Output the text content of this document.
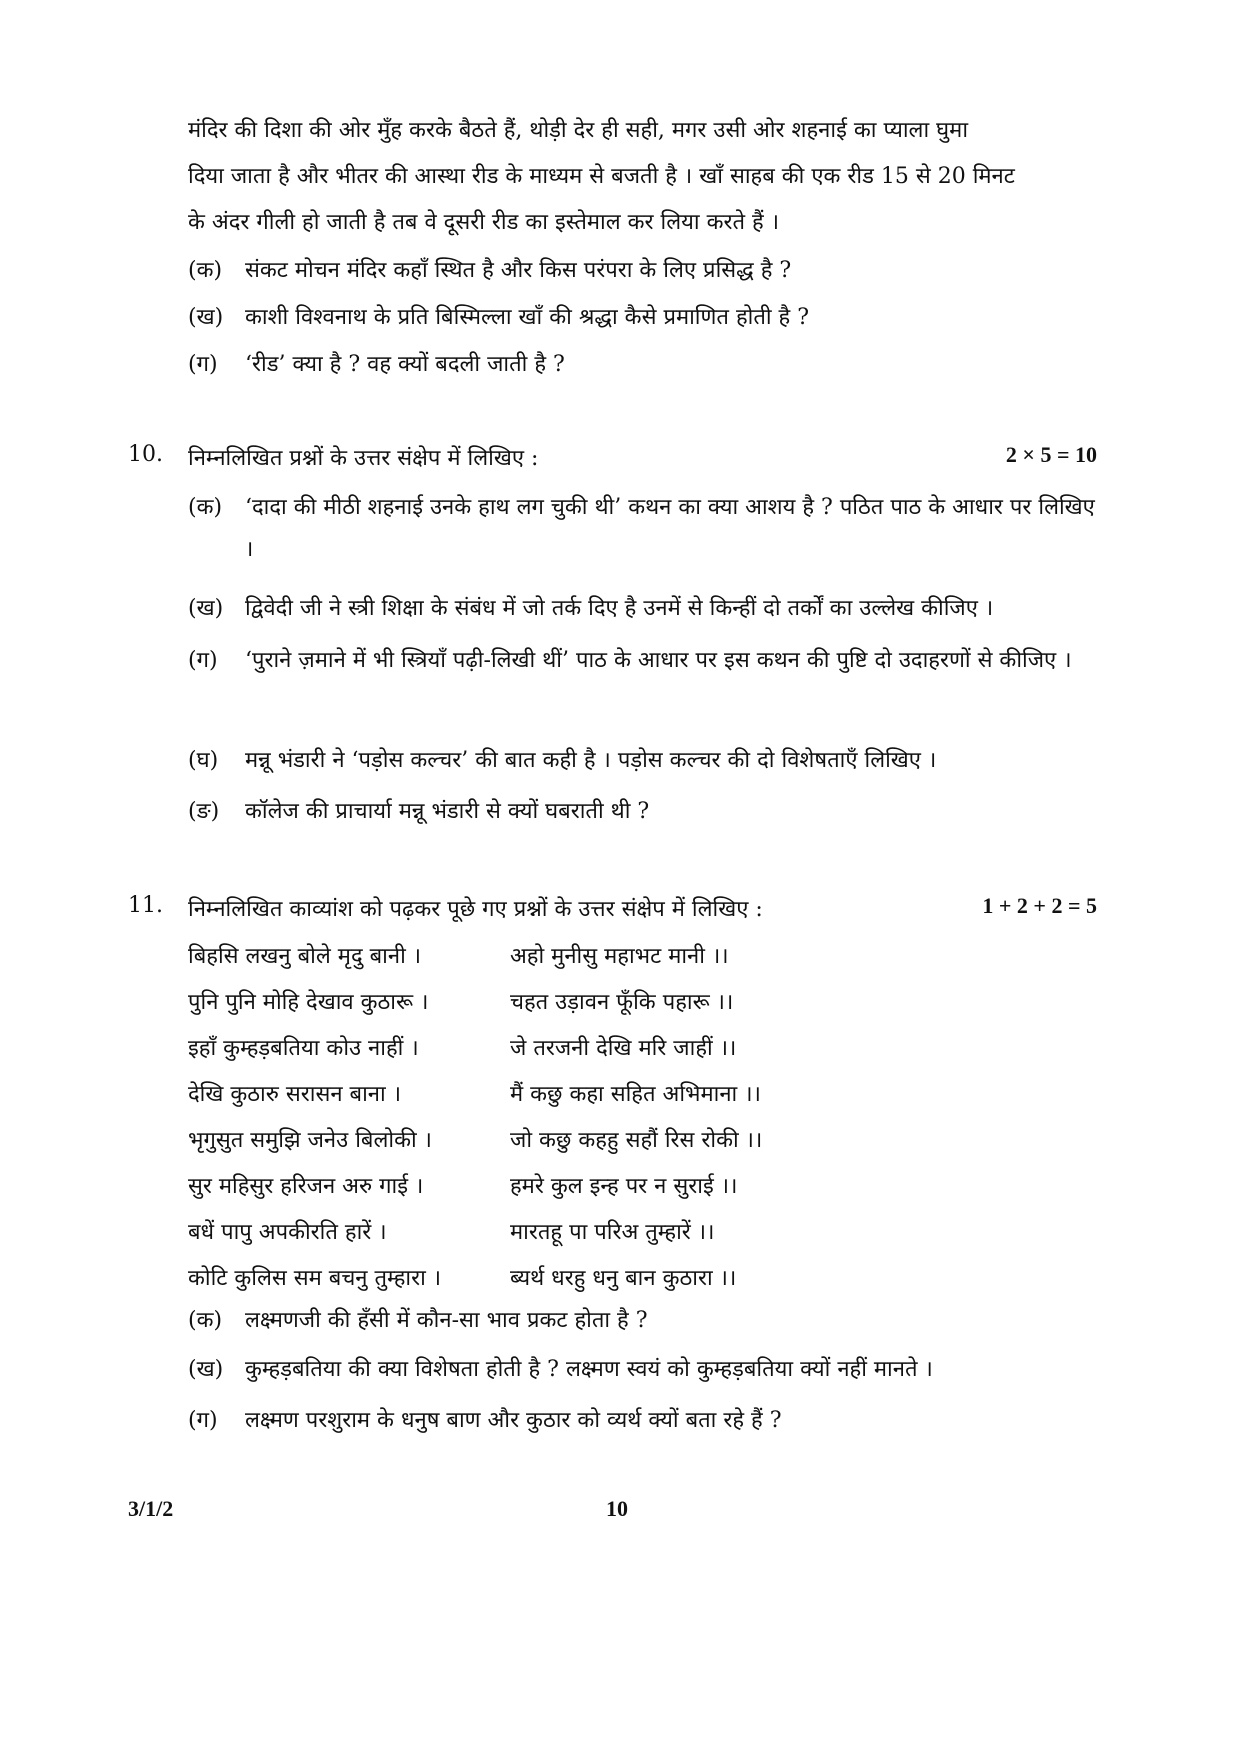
मंदिर की दिशा की ओर मुँह करके बैठते हैं, थोड़ी देर ही सही, मगर उसी ओर शहनाई का प्याला घुमा
दिया जाता है और भीतर की आस्था रीड के माध्यम से बजती है । खाँ साहब की एक रीड 15 से 20 मिनट
के अंदर गीली हो जाती है तब वे दूसरी रीड का इस्तेमाल कर लिया करते हैं ।
(क)	संकट मोचन मंदिर कहाँ स्थित है और किस परंपरा के लिए प्रसिद्ध है ?
(ख) काशी विश्वनाथ के प्रति बिस्मिल्ला खाँ की श्रद्धा कैसे प्रमाणित होती है ?
(ग)	‘रीड’ क्या है ? वह क्यों बदली जाती है ?
10. निम्नलिखित प्रश्नों के उत्तर संक्षेप में लिखिए :	2 × 5 = 10
(क)	‘दादा की मीठी शहनाई उनके हाथ लग चुकी थी’ कथन का क्या आशय है ? पठित पाठ के आधार पर लिखिए ।
(ख) द्विवेदी जी ने स्त्री शिक्षा के संबंध में जो तर्क दिए है उनमें से किन्हीं दो तर्कों का उल्लेख कीजिए ।
(ग)	‘पुराने ज़माने में भी स्त्रियाँ पढ़ी-लिखी थीं’ पाठ के आधार पर इस कथन की पुष्टि दो उदाहरणों से कीजिए ।
(घ)	मन्नू भंडारी ने ‘पड़ोस कल्चर’ की बात कही है । पड़ोस कल्चर की दो विशेषताएँ लिखिए ।
(ङ)	कॉलेज की प्राचार्या मन्नू भंडारी से क्यों घबराती थी ?
11. निम्नलिखित काव्यांश को पढ़कर पूछे गए प्रश्नों के उत्तर संक्षेप में लिखिए :	1 + 2 + 2 = 5
बिहसि लखनु बोले मृदु बानी ।	अहो मुनीसु महाभट मानी ।।
पुनि पुनि मोहि देखाव कुठारू ।	चहत उड़ावन फूँकि पहारू ।।
इहाँ कुम्हड़बतिया कोउ नाहीं ।	जे तरजनी देखि मरि जाहीं ।।
देखि कुठारु सरासन बाना ।	मैं कछु कहा सहित अभिमाना ।।
भृगुसुत समुझि जनेउ बिलोकी ।	जो कछु कहहु सहौं रिस रोकी ।।
सुर महिसुर हरिजन अरु गाई ।	हमरे कुल इन्ह पर न सुराई ।।
बधें पापु अपकीरति हारें ।	मारतहू पा परिअ तुम्हारें ।।
कोटि कुलिस सम बचनु तुम्हारा ।	ब्यर्थ धरहु धनु बान कुठारा ।।
(क)	लक्ष्मणजी की हँसी में कौन-सा भाव प्रकट होता है ?
(ख) कुम्हड़बतिया की क्या विशेषता होती है ? लक्ष्मण स्वयं को कुम्हड़बतिया क्यों नहीं मानते ।
(ग)	लक्ष्मण परशुराम के धनुष बाण और कुठार को व्यर्थ क्यों बता रहे हैं ?
3/1/2	10
